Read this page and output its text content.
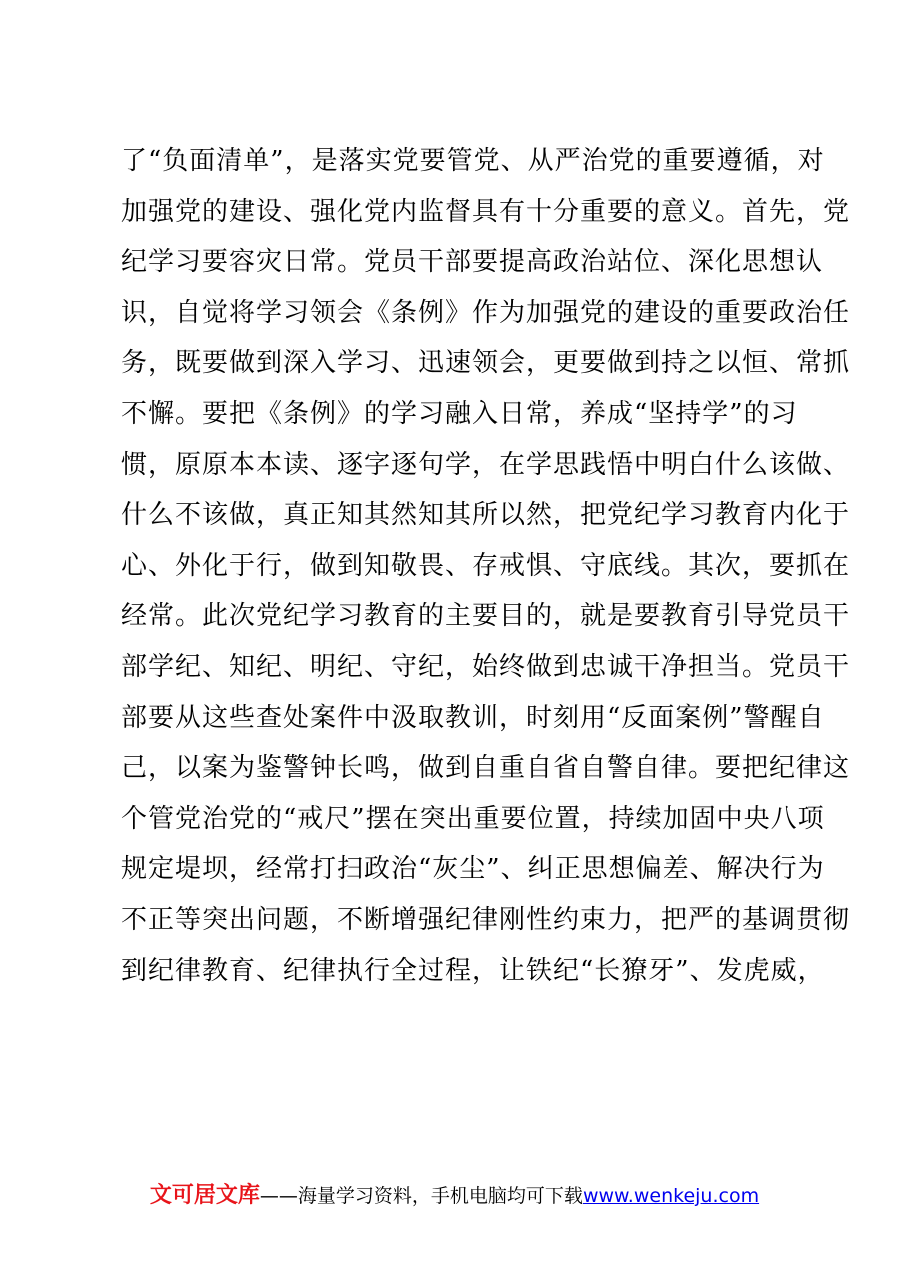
了“负面清单”，是落实党要管党、从严治党的重要遵循，对
加强党的建设、强化党内监督具有十分重要的意义。首先，党
纪学习要容灾日常。党员干部要提高政治站位、深化思想认
识，自觉将学习领会《条例》作为加强党的建设的重要政治任
务，既要做到深入学习、迅速领会，更要做到持之以恒、常抓
不懈。要把《条例》的学习融入日常，养成“坚持学”的习
惯，原原本本读、逐字逐句学，在学思践悟中明白什么该做、
什么不该做，真正知其然知其所以然，把党纪学习教育内化于
心、外化于行，做到知敬畏、存戒惧、守底线。其次，要抓在
经常。此次党纪学习教育的主要目的，就是要教育引导党员干
部学纪、知纪、明纪、守纪，始终做到忠诚干净担当。党员干
部要从这些查处案件中汲取教训，时刻用“反面案例”警醒自
己，以案为鉴警钟长鸣，做到自重自省自警自律。要把纪律这
个管党治党的“戒尺”摆在突出重要位置，持续加固中央八项
规定堤坝，经常打扫政治“灰尘”、纠正思想偏差、解决行为
不正等突出问题，不断增强纪律刚性约束力，把严的基调贯彻
到纪律教育、纪律执行全过程，让铁纪“长獠牙”、发虎威，
文可居文库——海量学习资料，手机电脑均可下载www.wenkeju.com
